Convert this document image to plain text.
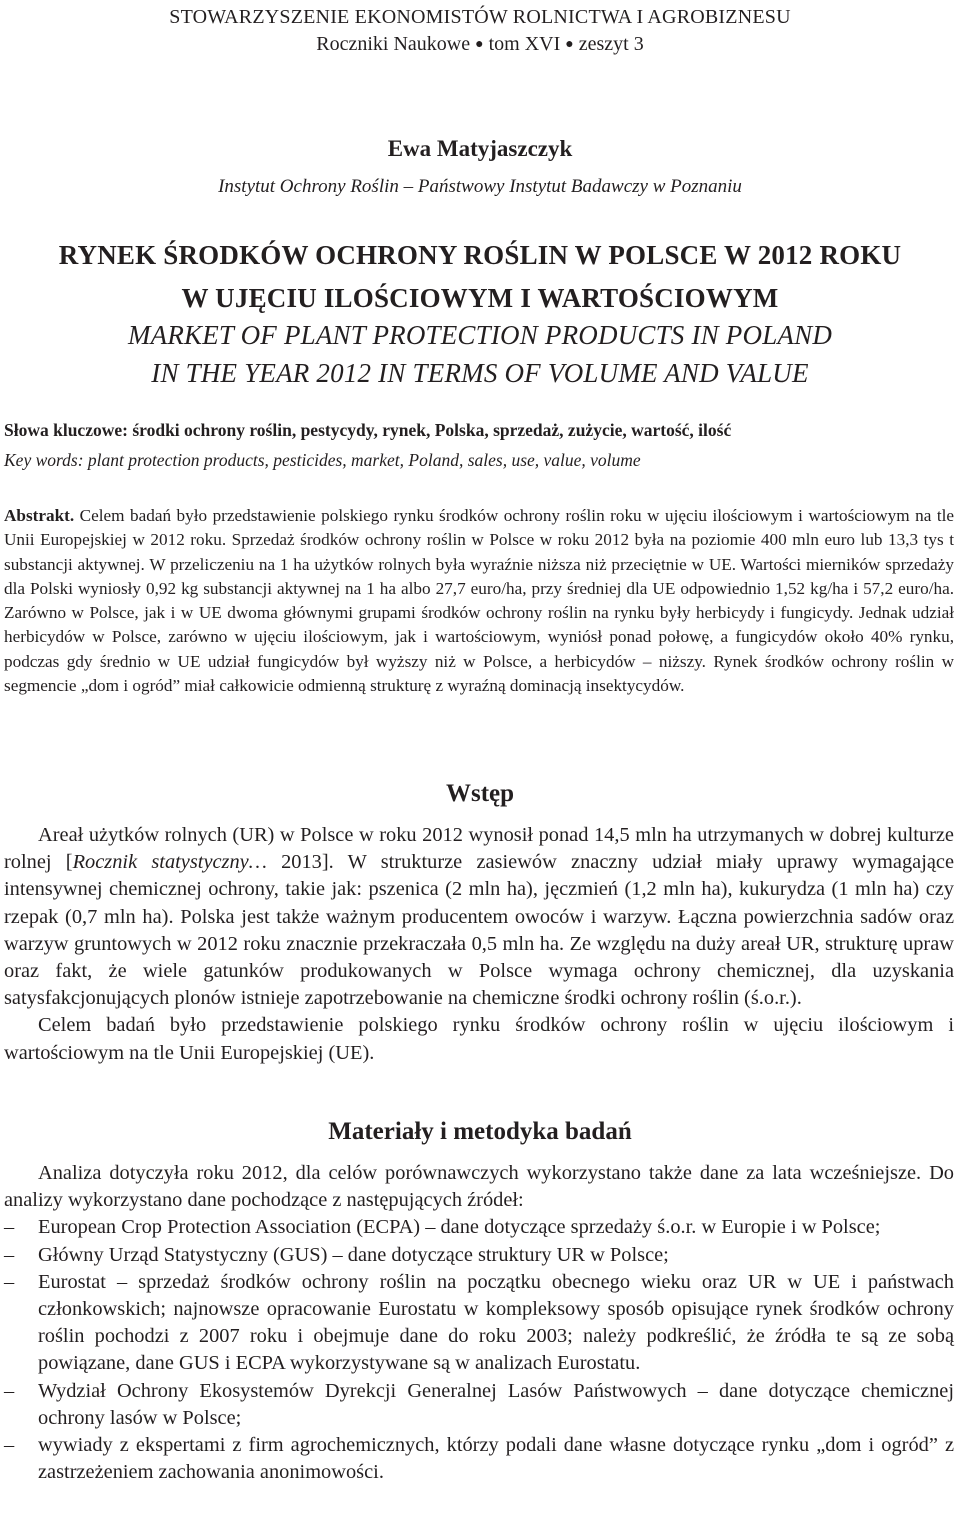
STOWARZYSZENIE EKONOMISTÓW ROLNICTWA I AGROBIZNESU
Roczniki Naukowe ● tom XVI ● zeszyt 3
Ewa Matyjaszczyk
Instytut Ochrony Roślin – Państwowy Instytut Badawczy w Poznaniu
RYNEK ŚRODKÓW OCHRONY ROŚLIN W POLSCE W 2012 ROKU
W UJĘCIU ILOŚCIOWYM I WARTOŚCIOWYM
MARKET OF PLANT PROTECTION PRODUCTS IN POLAND
IN THE YEAR 2012 IN TERMS OF VOLUME AND VALUE
Słowa kluczowe: środki ochrony roślin, pestycydy, rynek, Polska, sprzedaż, zużycie, wartość, ilość
Key words: plant protection products, pesticides, market, Poland, sales, use, value, volume
Abstrakt. Celem badań było przedstawienie polskiego rynku środków ochrony roślin roku w ujęciu ilościowym i wartościowym na tle Unii Europejskiej w 2012 roku. Sprzedaż środków ochrony roślin w Polsce w roku 2012 była na poziomie 400 mln euro lub 13,3 tys t substancji aktywnej. W przeliczeniu na 1 ha użytków rolnych była wyraźnie niższa niż przeciętnie w UE. Wartości mierników sprzedaży dla Polski wyniosły 0,92 kg substancji aktywnej na 1 ha albo 27,7 euro/ha, przy średniej dla UE odpowiednio 1,52 kg/ha i 57,2 euro/ha. Zarówno w Polsce, jak i w UE dwoma głównymi grupami środków ochrony roślin na rynku były herbicydy i fungicydy. Jednak udział herbicydów w Polsce, zarówno w ujęciu ilościowym, jak i wartościowym, wyniósł ponad połowę, a fungicydów około 40% rynku, podczas gdy średnio w UE udział fungicydów był wyższy niż w Polsce, a herbicydów – niższy. Rynek środków ochrony roślin w segmencie „dom i ogród” miał całkowicie odmienną strukturę z wyraźną dominacją insektycydów.
Wstęp

Areał użytków rolnych (UR) w Polsce w roku 2012 wynosił ponad 14,5 mln ha utrzymanych w dobrej kulturze rolnej [Rocznik statystyczny… 2013]. W strukturze zasiewów znaczny udział miały uprawy wymagające intensywnej chemicznej ochrony, takie jak: pszenica (2 mln ha), jęczmień (1,2 mln ha), kukurydza (1 mln ha) czy rzepak (0,7 mln ha). Polska jest także ważnym producentem owoców i warzyw. Łączna powierzchnia sadów oraz warzyw gruntowych w 2012 roku znacznie przekraczała 0,5 mln ha. Ze względu na duży areał UR, strukturę upraw oraz fakt, że wiele gatunków produkowanych w Polsce wymaga ochrony chemicznej, dla uzyskania satysfakcjonujących plonów istnieje zapotrzebowanie na chemiczne środki ochrony roślin (ś.o.r.).

Celem badań było przedstawienie polskiego rynku środków ochrony roślin w ujęciu ilościowym i wartościowym na tle Unii Europejskiej (UE).

Materiały i metodyka badań

Analiza dotyczyła roku 2012, dla celów porównawczych wykorzystano także dane za lata wcześniejsze. Do analizy wykorzystano dane pochodzące z następujących źródeł:

– European Crop Protection Association (ECPA) – dane dotyczące sprzedaży ś.o.r. w Europie i w Polsce;
– Główny Urząd Statystyczny (GUS) – dane dotyczące struktury UR w Polsce;
– Eurostat – sprzedaż środków ochrony roślin na początku obecnego wieku oraz UR w UE i państwach członkowskich; najnowsze opracowanie Eurostatu w kompleksowy sposób opisujące rynek środków ochrony roślin pochodzi z 2007 roku i obejmuje dane do roku 2003; należy podkreślić, że źródła te są ze sobą powiązane, dane GUS i ECPA wykorzystywane są w analizach Eurostatu.
– Wydział Ochrony Ekosystemów Dyrekcji Generalnej Lasów Państwowych – dane dotyczące chemicznej ochrony lasów w Polsce;
– wywiady z ekspertami z firm agrochemicznych, którzy podali dane własne dotyczące rynku „dom i ogród” z zastrzeżeniem zachowania anonimowości.
